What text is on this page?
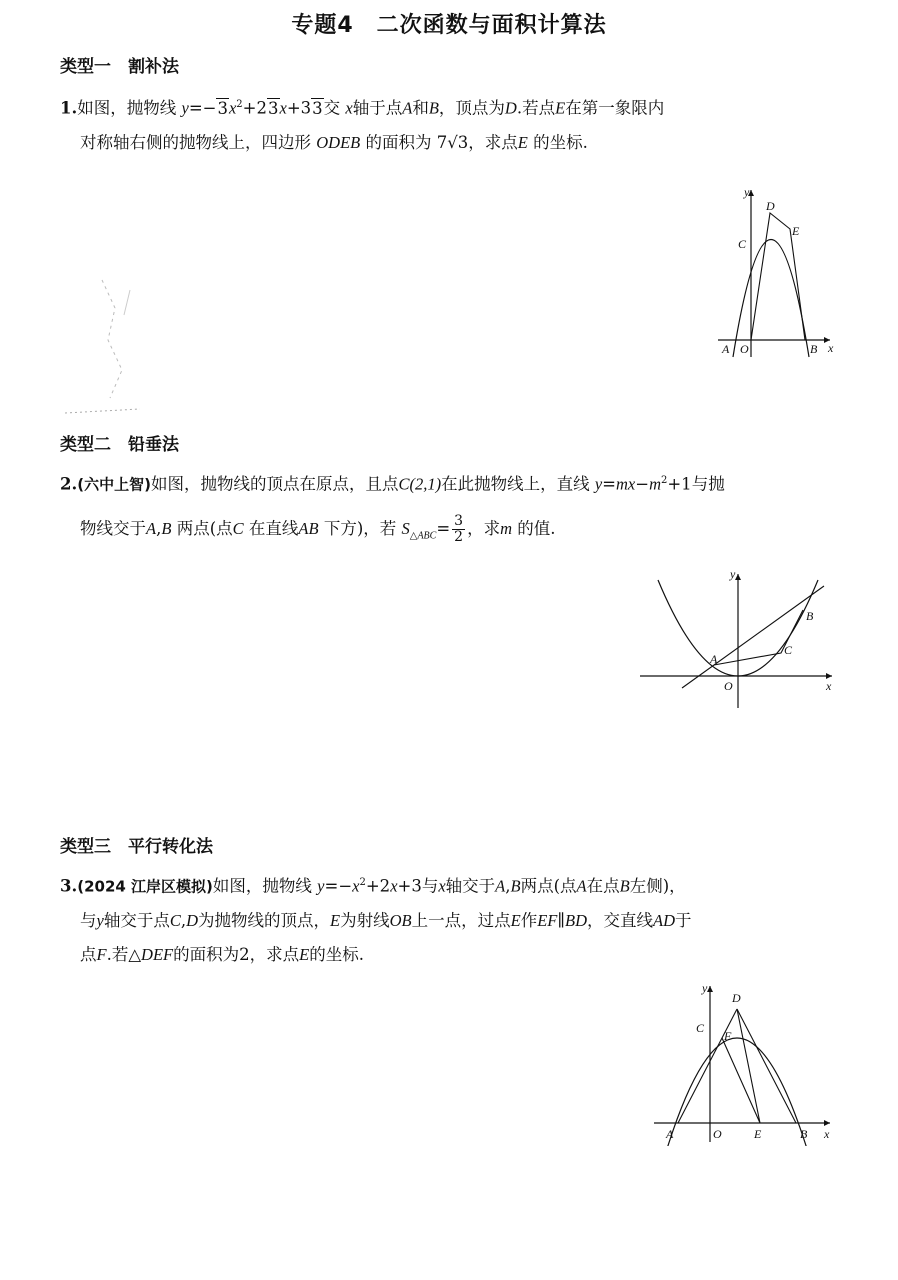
专题4　二次函数与面积计算法
类型一　割补法
1.如图，抛物线 $y=-3x^2+23x+33$交 x轴于点A和B，顶点为D.若点E在第一象限内
对称轴右侧的抛物线上，四边形 ODEB 的面积为 7√3，求点E 的坐标.
y
x
D
C
E
A O	B
类型二　铅垂法
2.(六中上智)如图，抛物线的顶点在原点，且点C(2,1)在此抛物线上，直线 $y=mx-m^2+1$与抛
物线交于A,B 两点(点C 在直线AB 下方)，若 $S_{\triangle ABC}= \frac{3}{2}$ ，求m 的值.
y
x
B
C
A
O
类型三　平行转化法
3.(2024 江岸区模拟)如图，抛物线 $y=-x^2+2x+3$与x轴交于A,B两点(点A在点B左侧)，
与y轴交于点C,D为抛物线的顶点，E为射线OB上一点，过点E作EF∥BD，交直线AD于
点F.若△DEF的面积为2，求点E的坐标.
y
x
D
C
F
A	O	E	B
